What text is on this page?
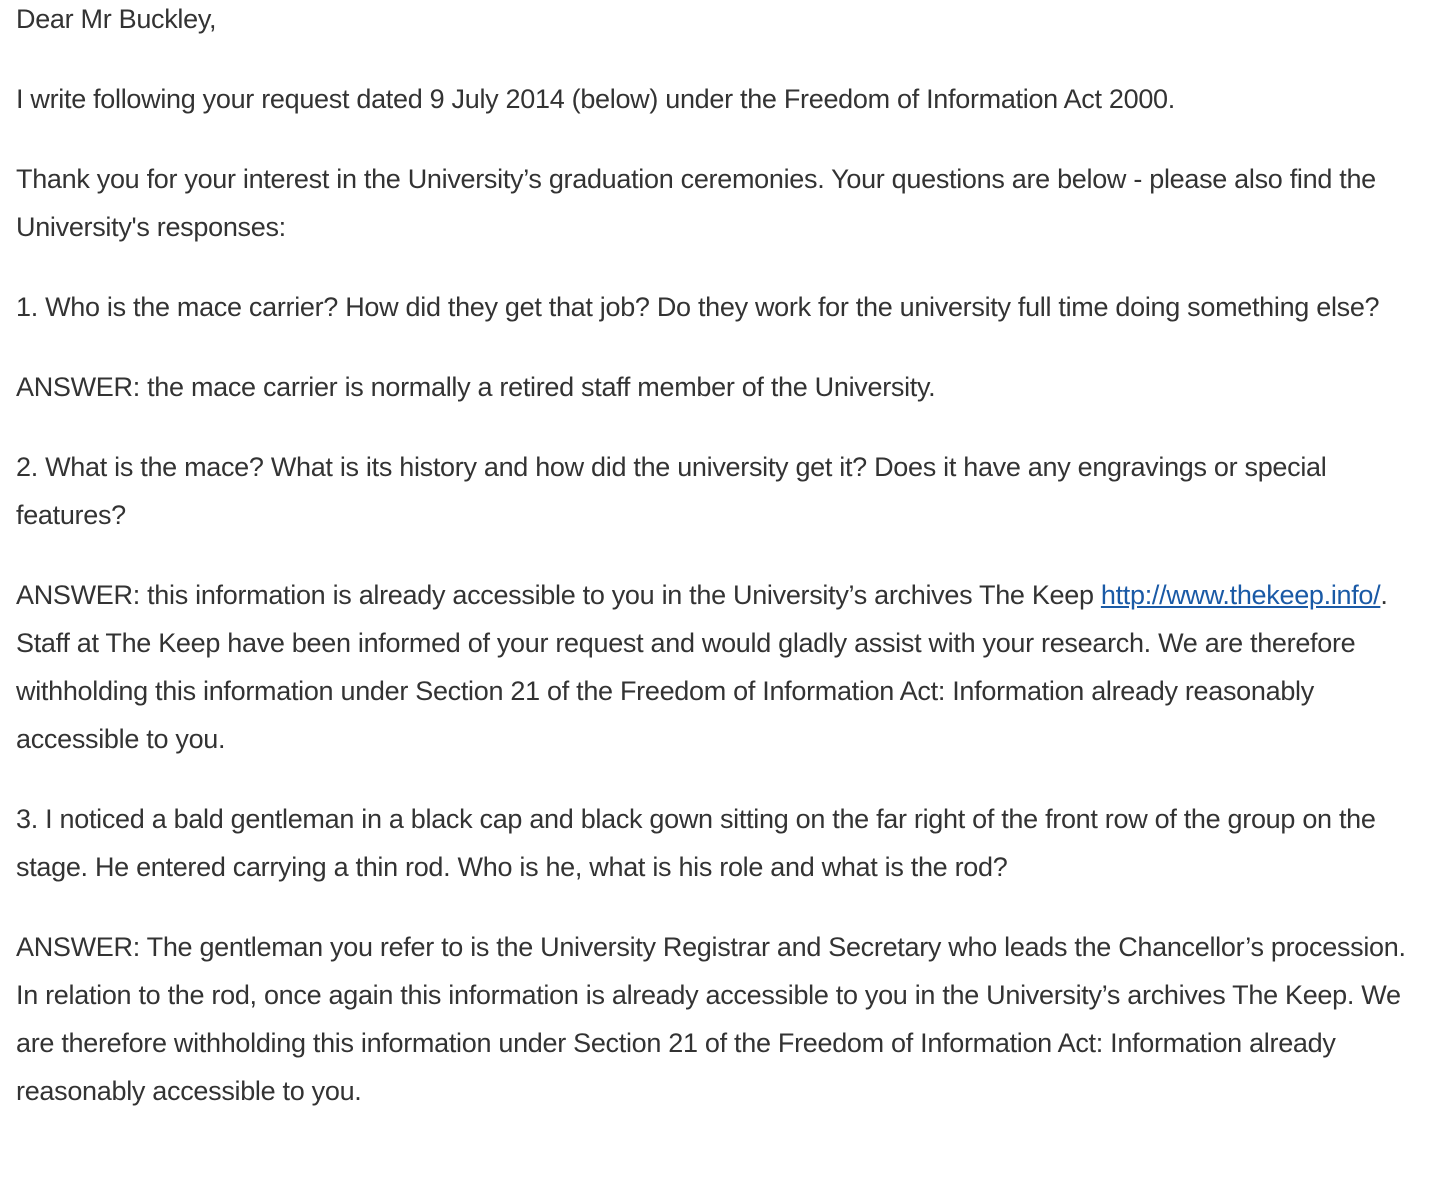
Dear Mr Buckley,

I write following your request dated 9 July 2014 (below) under the Freedom of Information Act 2000.

Thank you for your interest in the University’s graduation ceremonies. Your questions are below - please also find the University's responses:

1. Who is the mace carrier? How did they get that job? Do they work for the university full time doing something else?

ANSWER: the mace carrier is normally a retired staff member of the University.

2. What is the mace? What is its history and how did the university get it? Does it have any engravings or special features?

ANSWER: this information is already accessible to you in the University’s archives The Keep http://www.thekeep.info/. Staff at The Keep have been informed of your request and would gladly assist with your research. We are therefore withholding this information under Section 21 of the Freedom of Information Act: Information already reasonably accessible to you.

3. I noticed a bald gentleman in a black cap and black gown sitting on the far right of the front row of the group on the stage. He entered carrying a thin rod. Who is he, what is his role and what is the rod?

ANSWER: The gentleman you refer to is the University Registrar and Secretary who leads the Chancellor’s procession. In relation to the rod, once again this information is already accessible to you in the University’s archives The Keep. We are therefore withholding this information under Section 21 of the Freedom of Information Act: Information already reasonably accessible to you.
